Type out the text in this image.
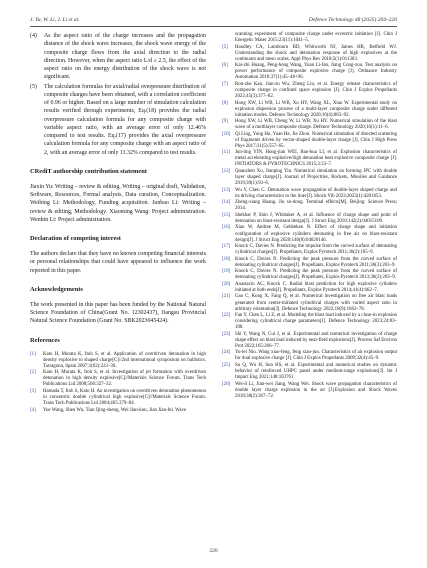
J. Yu, W. Li, J. Li et al.	Defence Technology 48 (2025) 204–220

(4) As the aspect ratio of the charge increases and the propagation distance of the shock wave increases, the shock wave energy of the composite charge flows from the axial direction to the radial direction. However, when the aspect ratio L/d ≥ 2.5, the effect of the aspect ratio on the energy distribution of the shock wave is not significant.

(5) The calculation formulas for axial/radial overpressure distribution of composite charges have been obtained, with a correlation coefficient of 0.96 or higher. Based on a large number of simulation calculation results verified through experiments, Eq.(18) provides the radial overpressure calculation formula for any composite charge with variable aspect ratio, with an average error of only 12.46% compared to test results. Eq.(17) provides the axial overpressure calculation formula for any composite charge with an aspect ratio of 2, with an average error of only 11.32% compared to test results.

CRediT authorship contribution statement

Jiaxin Yu: Writing – review & editing, Writing – original draft, Validation, Software, Resources, Formal analysis, Data curation, Conceptualization. Weibing Li: Methodology, Funding acquisition. Junbao Li: Writing – review & editing, Methodology. Xiaoming Wang: Project administration. Wenbin Li: Project administration.

Declaration of competing interest

The authors declare that they have no known competing financial interests or personal relationships that could have appeared to influence the work reported in this paper.

Acknowledgements

The work presented in this paper has been funded by the National Natural Science Foundation of China(Grant No. 12302437), Jiangsu Provincial Natural Science Foundation (Grant No. SBK2023045424).

References
[1] Kato H, Murata K, Itoh S, et al. Application of overdriven detonation in high density explosive to shaped charge[C]//2nd international symposium on ballistics. Tarragona, Spain 2007;1(62):223–30.
[2] Kato H, Murata K, Itoh S, et al. Investigation of jet formation with overdriven detonation in high density explosive[C]//Materials Science Forum. Trans Tech Publications Ltd 2008;566:327–32.
[3] Hamada T, Itoh S, Kato H. An investigation on overdriven detonation phenomenon in concentric double cylindrical high explosive[C]//Materials Science Forum. Trans Tech Publications Ltd 2004;465:379–84.
[4] Yue Wang, Shen Wu, Tian Qing-sheng, Wei Jian-kun, Jian Jian-fei. Wave
scanning experiment of composite charge under eccentric initiation [J]. Chin J Energetic Mater 2015;23(11):1041–5.
[5] Handley CA, Lambourn BD, Whitworth NJ, James HR, Belfield WJ. Understanding the shock and detonation response of high explosives at the continuum and meso scales. Appl Phys Rev 2018;5(1):011303.
[6] Kai-zhi Huang, Peng-hong Wang, Yuan Li-fan, Jiang Cong-zou. Test analysis on power performance of composite explosive charge [J]. Ordnance Industry Automation 2018;37(1):45–48+96.
[7] Ron-zhe Kan, Jian-zu Wu, Zheng Liu, et al. Energy release characteristics of composite charge in confined space explosion [J]. Chin J Explos Propellants 2022;45(3):377–82.
[8] Hong XW, Li WB, Li WB, Xu HY, Wang XL, Xiao W. Experimental study on explosion dispersion process of a multi-layer composite charge under different initiation modes. Defence Technology 2020;16(4):883–92.
[9] Hong XW, Li WB, Cheng W, Li WB, Xu HY. Numerical simulation of the blast wave of a multilayer composite charge. Defence Technology 2020;16(1):11–6.
[10] Qi Ling, Yong Hu, Yuan He, Jie Zhou. Numerical simulation of directed scattering of fragments driven by vector-shaped double-layer charge [J]. Chin J High Press Phys 2017;31(5):557–65.
[11] Jun-ling YIN, Hong-jian WEI, Bao-hua LI, et al. Explosion characteristics of metal accelerating explosive/high detonation heat explosive composite charge [J]. INITIATORS & PYROTECHNICS 2015;3:33–7.
[12] Quanzhen Xu, Jianping Yin. Numerical simulation on forming JPC with double layer shaped charge[J]. Journal of Projectiles, Rockets, Missiles and Guidance 2019;39(1):93–6.
[13] Wu Y, Chen C. Detonation wave propagation of double-layer shaped charge and its driving characteristics to the liner[J]. Shock Vib 2023;2023(1):4201653.
[14] Zheng-xiang Huang. Jiu su-dong. Terminal effects[M]. Beijing: Science Press; 2014.
[15] Shekhar P, Shin J, Whittaker A, et al. Influence of charge shape and point of detonation on blast-resistant design[J]. J Struct Eng 2010;142(2):04015109.
[16] Xiao W, Andrae M, Gebbeken N. Effect of charge shape and initiation configuration of explosive cylinders detonating in free air on blast-resistant design[J]. J Struct Eng 2020;146(8):04020146.
[17] Knock C, Davies N. Predicting the impulse from the curved surface of detonating cylindrical charges[J]. Propellants, Explos Pyrotech 2011;36(2):105–9.
[18] Knock C, Davies N. Predicting the peak pressure from the curved surface of detonating cylindrical charges[J]. Propellants, Explos Pyrotech 2011;36(3):203–9.
[19] Knock C, Davies N. Predicting the peak pressure from the curved surface of detonating cylindrical charges[J]. Propellants, Explos Pyrotech 2013;38(2):203–9.
[20] Anastacio AC, Knock C. Radial blast prediction for high explosive cylinders initiated at both ends[J]. Propellants, Explos Pyrotech 2014;41(4):662–7.
[21] Gao C, Kong X, Fang Q, et al. Numerical investigation on free air blast loads generated from center-initiated cylindrical charges with varied aspect ratio in arbitrary orientation[J]. Defence Technology 2022;18(9):1662–78.
[22] Fan Y, Chen L, Li Z, et al. Modeling the blast load induced by a close-in explosion considering cylindrical charge parameters[J]. Defence Technology 2023;24:83–108.
[23] Shi Y, Wang N, Cui J, et al. Experimental and numerical investigation of charge shape effect on blast load induced by near-field explosions[J]. Process Saf Environ Prot 2022;165:266–77.
[24] Yu-lei Niu. Wang xiao-feng, feng xiao-jun. Characteristics of air explosion output for dual explosive charge [J]. Chin J Explos Propellants 2009;32(4):45–9.
[25] Su Q, Wu H, Sun HS, et al. Experimental and numerical studies on dynamic behavior of reinforced UHPC panel under medium-range explosions[J]. Int J Impact Eng 2021;148:103761.
[26] Wei-li Li, Jian-wei Jiang, Wang Wei. Shock wave propagation characteristics of double layer charge explosion in the air [J].Explosion and Shock Waves 2018;38(2):367–72.
220
